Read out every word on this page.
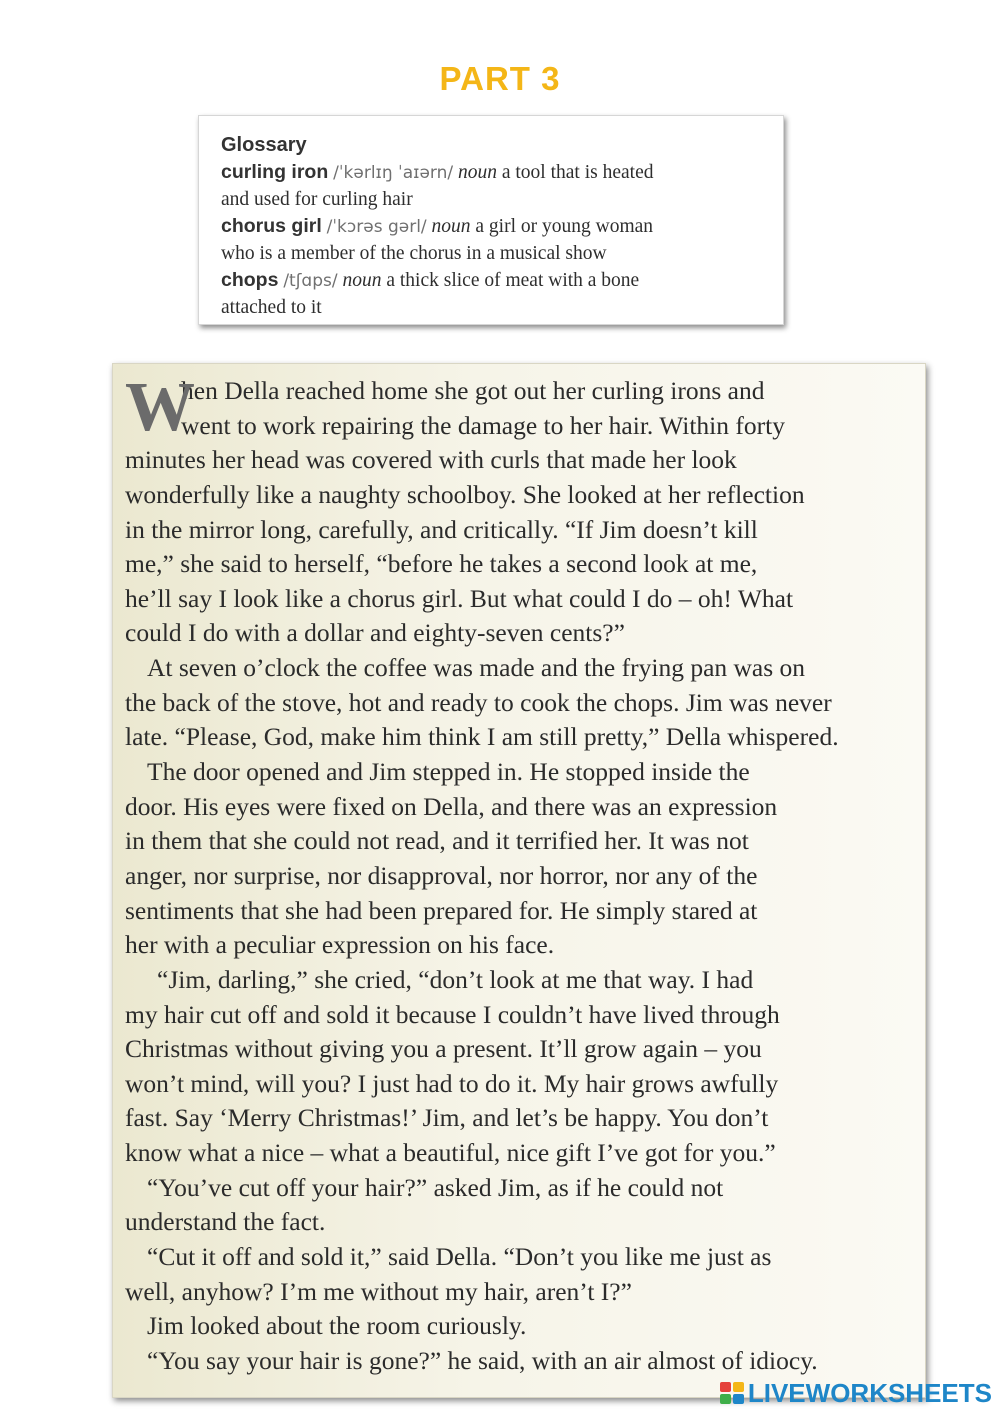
PART 3
Glossary
curling iron /ˈkərlɪŋ ˈaɪərn/ noun a tool that is heated
and used for curling hair
chorus girl /ˈkɔrəs gərl/ noun a girl or young woman
who is a member of the chorus in a musical show
chops /tʃɑps/ noun a thick slice of meat with a bone
attached to it
W
hen Della reached home she got out her curling irons and
went to work repairing the damage to her hair. Within forty
minutes her head was covered with curls that made her look
wonderfully like a naughty schoolboy. She looked at her reflection
in the mirror long, carefully, and critically. “If Jim doesn’t kill
me,” she said to herself, “before he takes a second look at me,
he’ll say I look like a chorus girl. But what could I do – oh! What
could I do with a dollar and eighty-seven cents?”
At seven o’clock the coffee was made and the frying pan was on
the back of the stove, hot and ready to cook the chops. Jim was never
late. “Please, God, make him think I am still pretty,” Della whispered.
The door opened and Jim stepped in. He stopped inside the
door. His eyes were fixed on Della, and there was an expression
in them that she could not read, and it terrified her. It was not
anger, nor surprise, nor disapproval, nor horror, nor any of the
sentiments that she had been prepared for. He simply stared at
her with a peculiar expression on his face.
“Jim, darling,” she cried, “don’t look at me that way. I had
my hair cut off and sold it because I couldn’t have lived through
Christmas without giving you a present. It’ll grow again – you
won’t mind, will you? I just had to do it. My hair grows awfully
fast. Say ‘Merry Christmas!’ Jim, and let’s be happy. You don’t
know what a nice – what a beautiful, nice gift I’ve got for you.”
“You’ve cut off your hair?” asked Jim, as if he could not
understand the fact.
“Cut it off and sold it,” said Della. “Don’t you like me just as
well, anyhow? I’m me without my hair, aren’t I?”
Jim looked about the room curiously.
“You say your hair is gone?” he said, with an air almost of idiocy.
LIVEWORKSHEETS
